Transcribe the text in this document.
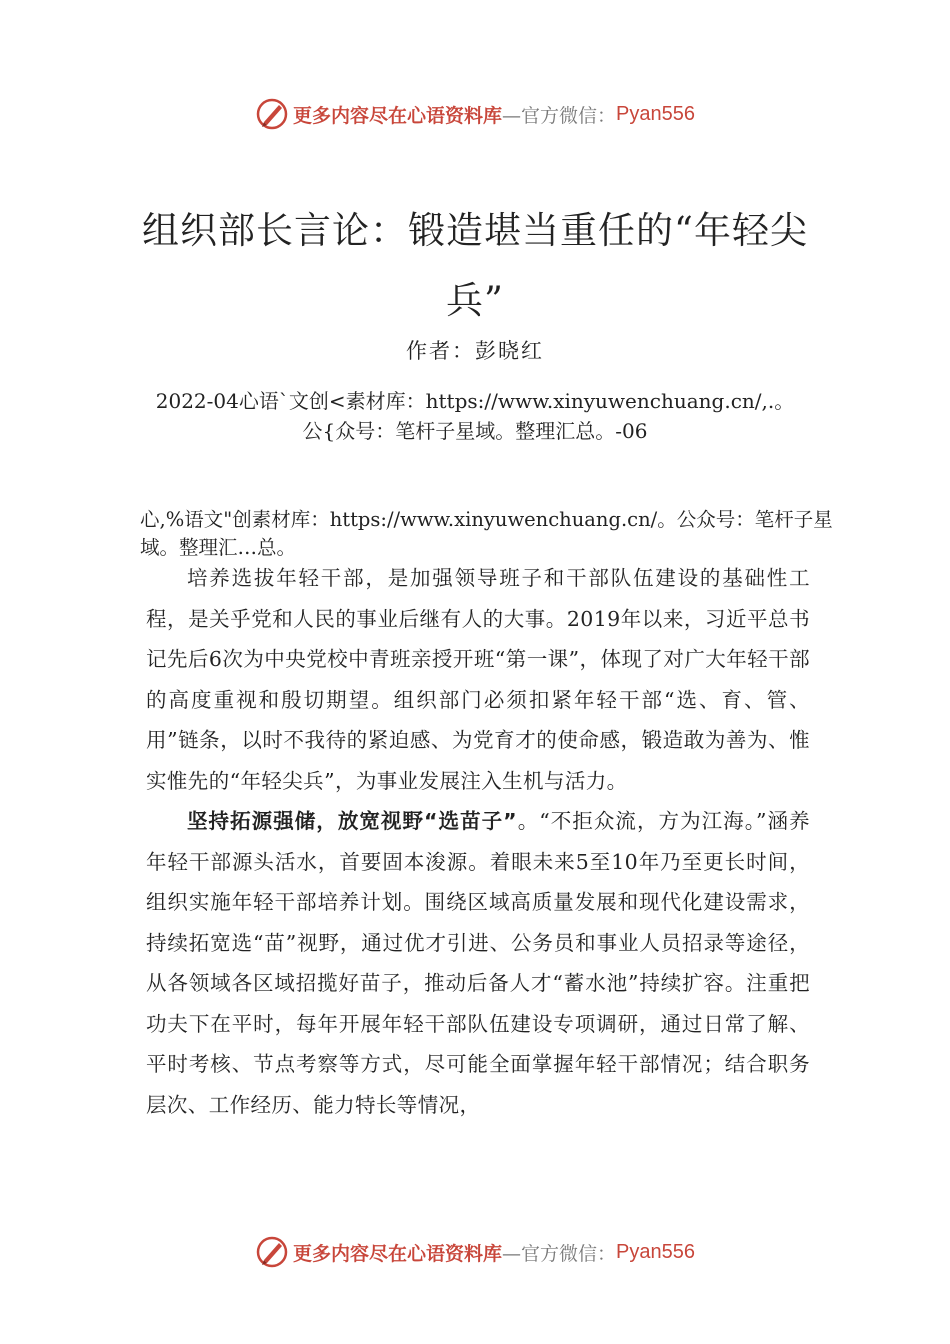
更多内容尽在心语资料库 —官方微信： Pyan556
组织部长言论：锻造堪当重任的“年轻尖兵”
作者：彭晓红
2022-04心语`文创<素材库：https://www.xinyuwenchuang.cn/,.。公{众号：笔杆子星域。整理汇总。-06
心,%语文"创素材库：https://www.xinyuwenchuang.cn/。公众号：笔杆子星域。整理汇…总。

培养选拔年轻干部，是加强领导班子和干部队伍建设的基础性工程，是关乎党和人民的事业后继有人的大事。2019年以来，习近平总书记先后6次为中央党校中青班亲授开班“第一课”，体现了对广大年轻干部的高度重视和殷切期望。组织部门必须扣紧年轻干部“选、育、管、用”链条，以时不我待的紧迫感、为党育才的使命感，锻造敢为善为、惟实惟先的“年轻尖兵”，为事业发展注入生机与活力。

坚持拓源强储，放宽视野“选苗子”。“不拒众流，方为江海。”涵养年轻干部源头活水，首要固本浚源。着眼未来5至10年乃至更长时间，组织实施年轻干部培养计划。围绕区域高质量发展和现代化建设需求，持续拓宽选“苗”视野，通过优才引进、公务员和事业人员招录等途径，从各领域各区域招揽好苗子，推动后备人才“蓄水池”持续扩容。注重把功夫下在平时，每年开展年轻干部队伍建设专项调研，通过日常了解、平时考核、节点考察等方式，尽可能全面掌握年轻干部情况；结合职务层次、工作经历、能力特长等情况，

更多内容尽在心语资料库 —官方微信： Pyan556
